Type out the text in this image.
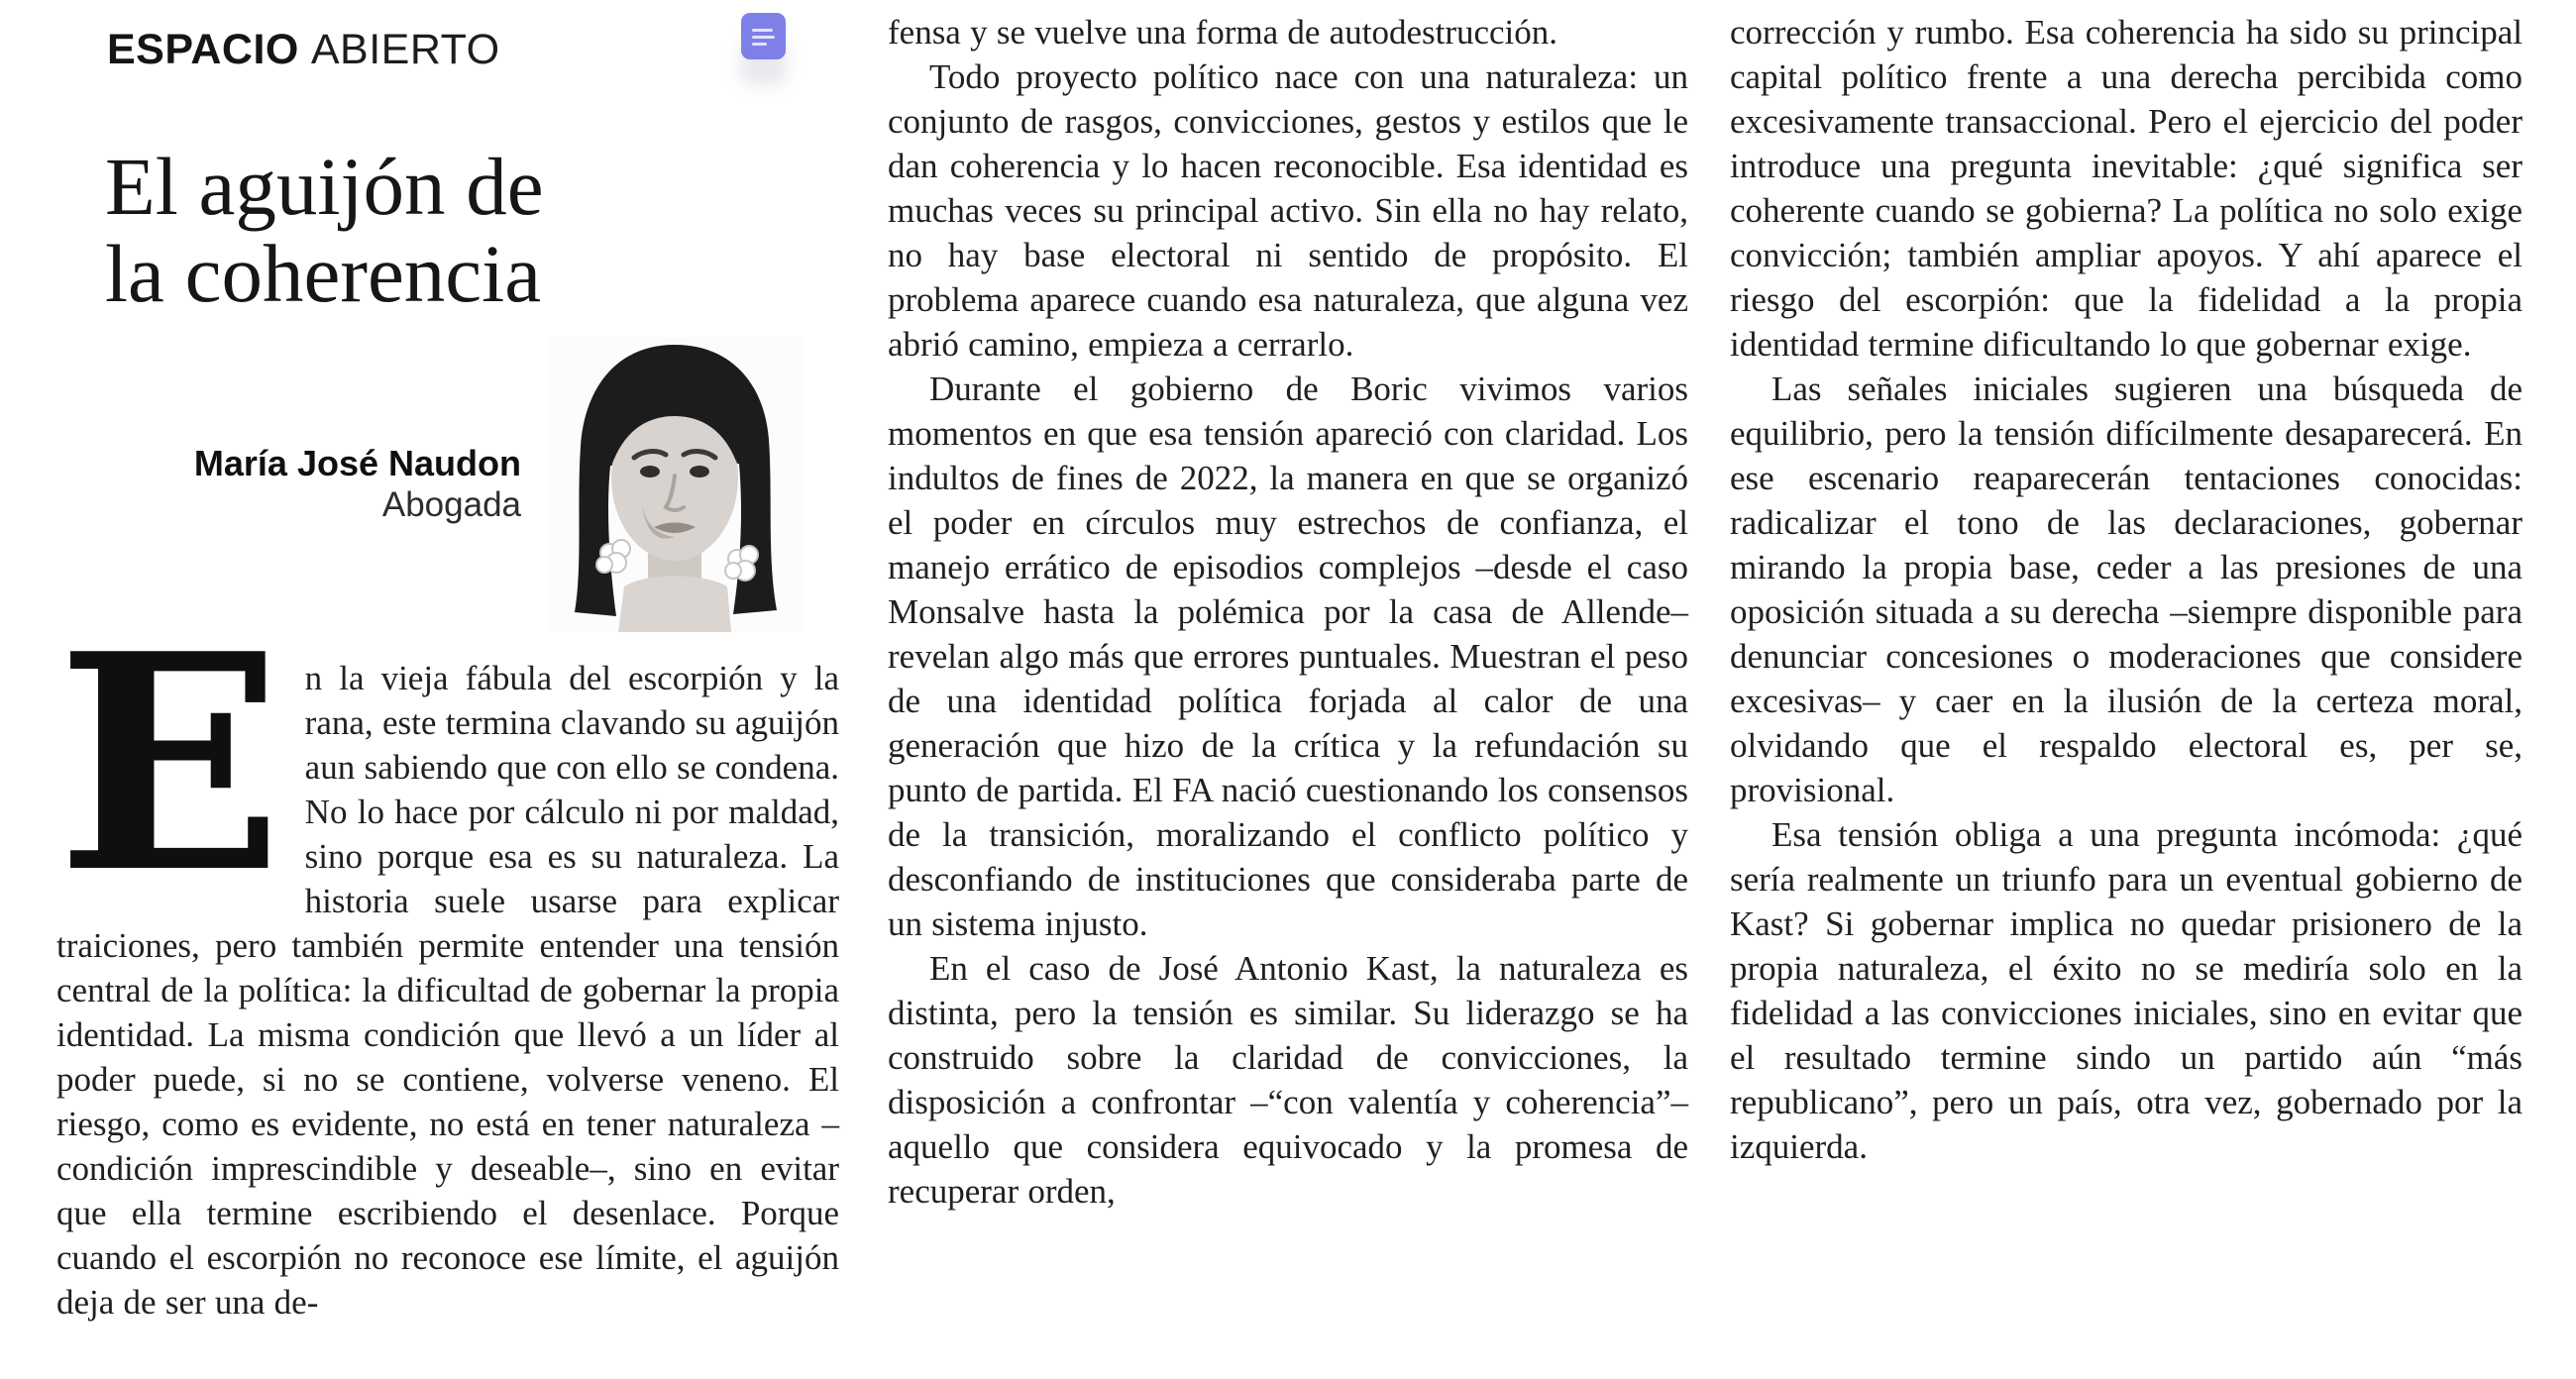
ESPACIO ABIERTO
El aguijón de
la coherencia
María José Naudon
Abogada

En la vieja fábula del escorpión y la rana, este termina clavando su aguijón aun sabiendo que con ello se condena. No lo hace por cálculo ni por maldad, sino porque esa es su naturaleza. La historia suele usarse para explicar traiciones, pero también permite entender una tensión central de la política: la dificultad de gobernar la propia identidad. La misma condición que llevó a un líder al poder puede, si no se contiene, volverse veneno. El riesgo, como es evidente, no está en tener naturaleza –condición imprescindible y deseable–, sino en evitar que ella termine escribiendo el desenlace. Porque cuando el escorpión no reconoce ese límite, el aguijón deja de ser una de-

fensa y se vuelve una forma de autodestrucción.

Todo proyecto político nace con una naturaleza: un conjunto de rasgos, convicciones, gestos y estilos que le dan coherencia y lo hacen reconocible. Esa identidad es muchas veces su principal activo. Sin ella no hay relato, no hay base electoral ni sentido de propósito. El problema aparece cuando esa naturaleza, que alguna vez abrió camino, empieza a cerrarlo.

Durante el gobierno de Boric vivimos varios momentos en que esa tensión apareció con claridad. Los indultos de fines de 2022, la manera en que se organizó el poder en círculos muy estrechos de confianza, el manejo errático de episodios complejos –desde el caso Monsalve hasta la polémica por la casa de Allende– revelan algo más que errores puntuales. Muestran el peso de una identidad política forjada al calor de una generación que hizo de la crítica y la refundación su punto de partida. El FA nació cuestionando los consensos de la transición, moralizando el conflicto político y desconfiando de instituciones que consideraba parte de un sistema injusto.

En el caso de José Antonio Kast, la naturaleza es distinta, pero la tensión es similar. Su liderazgo se ha construido sobre la claridad de convicciones, la disposición a confrontar –“con valentía y coherencia”– aquello que considera equivocado y la promesa de recuperar orden,

corrección y rumbo. Esa coherencia ha sido su principal capital político frente a una derecha percibida como excesivamente transaccional. Pero el ejercicio del poder introduce una pregunta inevitable: ¿qué significa ser coherente cuando se gobierna? La política no solo exige convicción; también ampliar apoyos. Y ahí aparece el riesgo del escorpión: que la fidelidad a la propia identidad termine dificultando lo que gobernar exige.

Las señales iniciales sugieren una búsqueda de equilibrio, pero la tensión difícilmente desaparecerá. En ese escenario reaparecerán tentaciones conocidas: radicalizar el tono de las declaraciones, gobernar mirando la propia base, ceder a las presiones de una oposición situada a su derecha –siempre disponible para denunciar concesiones o moderaciones que considere excesivas– y caer en la ilusión de la certeza moral, olvidando que el respaldo electoral es, per se, provisional.

Esa tensión obliga a una pregunta incómoda: ¿qué sería realmente un triunfo para un eventual gobierno de Kast? Si gobernar implica no quedar prisionero de la propia naturaleza, el éxito no se mediría solo en la fidelidad a las convicciones iniciales, sino en evitar que el resultado termine sindo un partido aún “más republicano”, pero un país, otra vez, gobernado por la izquierda.
